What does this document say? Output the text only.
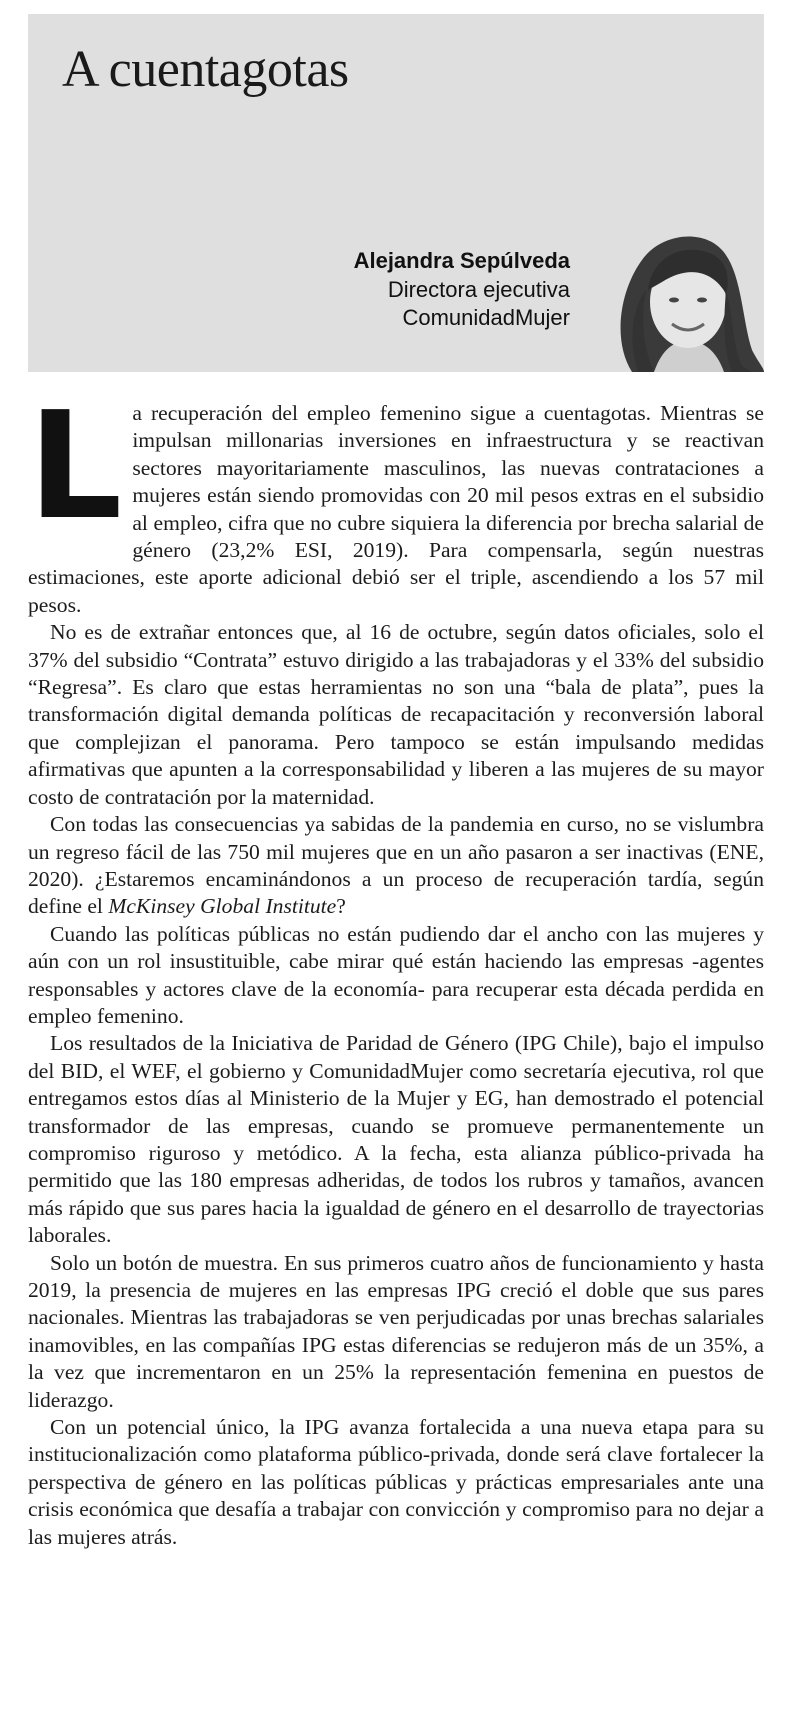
A cuentagotas
Alejandra Sepúlveda
Directora ejecutiva
ComunidadMujer

L a recuperación del empleo femenino sigue a cuentagotas. Mientras se impulsan millonarias inversiones en infraestructura y se reactivan sectores mayoritariamente masculinos, las nuevas contrataciones a mujeres están siendo promovidas con 20 mil pesos extras en el subsidio al empleo, cifra que no cubre siquiera la diferencia por brecha salarial de género (23,2% ESI, 2019). Para compensarla, según nuestras estimaciones, este aporte adicional debió ser el triple, ascendiendo a los 57 mil pesos.

No es de extrañar entonces que, al 16 de octubre, según datos oficiales, solo el 37% del subsidio “Contrata” estuvo dirigido a las trabajadoras y el 33% del subsidio “Regresa”. Es claro que estas herramientas no son una “bala de plata”, pues la transformación digital demanda políticas de recapacitación y reconversión laboral que complejizan el panorama. Pero tampoco se están impulsando medidas afirmativas que apunten a la corresponsabilidad y liberen a las mujeres de su mayor costo de contratación por la maternidad.

Con todas las consecuencias ya sabidas de la pandemia en curso, no se vislumbra un regreso fácil de las 750 mil mujeres que en un año pasaron a ser inactivas (ENE, 2020). ¿Estaremos encaminándonos a un proceso de recuperación tardía, según define el McKinsey Global Institute?

Cuando las políticas públicas no están pudiendo dar el ancho con las mujeres y aún con un rol insustituible, cabe mirar qué están haciendo las empresas -agentes responsables y actores clave de la economía- para recuperar esta década perdida en empleo femenino.

Los resultados de la Iniciativa de Paridad de Género (IPG Chile), bajo el impulso del BID, el WEF, el gobierno y ComunidadMujer como secretaría ejecutiva, rol que entregamos estos días al Ministerio de la Mujer y EG, han demostrado el potencial transformador de las empresas, cuando se promueve permanentemente un compromiso riguroso y metódico. A la fecha, esta alianza público-privada ha permitido que las 180 empresas adheridas, de todos los rubros y tamaños, avancen más rápido que sus pares hacia la igualdad de género en el desarrollo de trayectorias laborales.

Solo un botón de muestra. En sus primeros cuatro años de funcionamiento y hasta 2019, la presencia de mujeres en las empresas IPG creció el doble que sus pares nacionales. Mientras las trabajadoras se ven perjudicadas por unas brechas salariales inamovibles, en las compañías IPG estas diferencias se redujeron más de un 35%, a la vez que incrementaron en un 25% la representación femenina en puestos de liderazgo.

Con un potencial único, la IPG avanza fortalecida a una nueva etapa para su institucionalización como plataforma público-privada, donde será clave fortalecer la perspectiva de género en las políticas públicas y prácticas empresariales ante una crisis económica que desafía a trabajar con convicción y compromiso para no dejar a las mujeres atrás.
